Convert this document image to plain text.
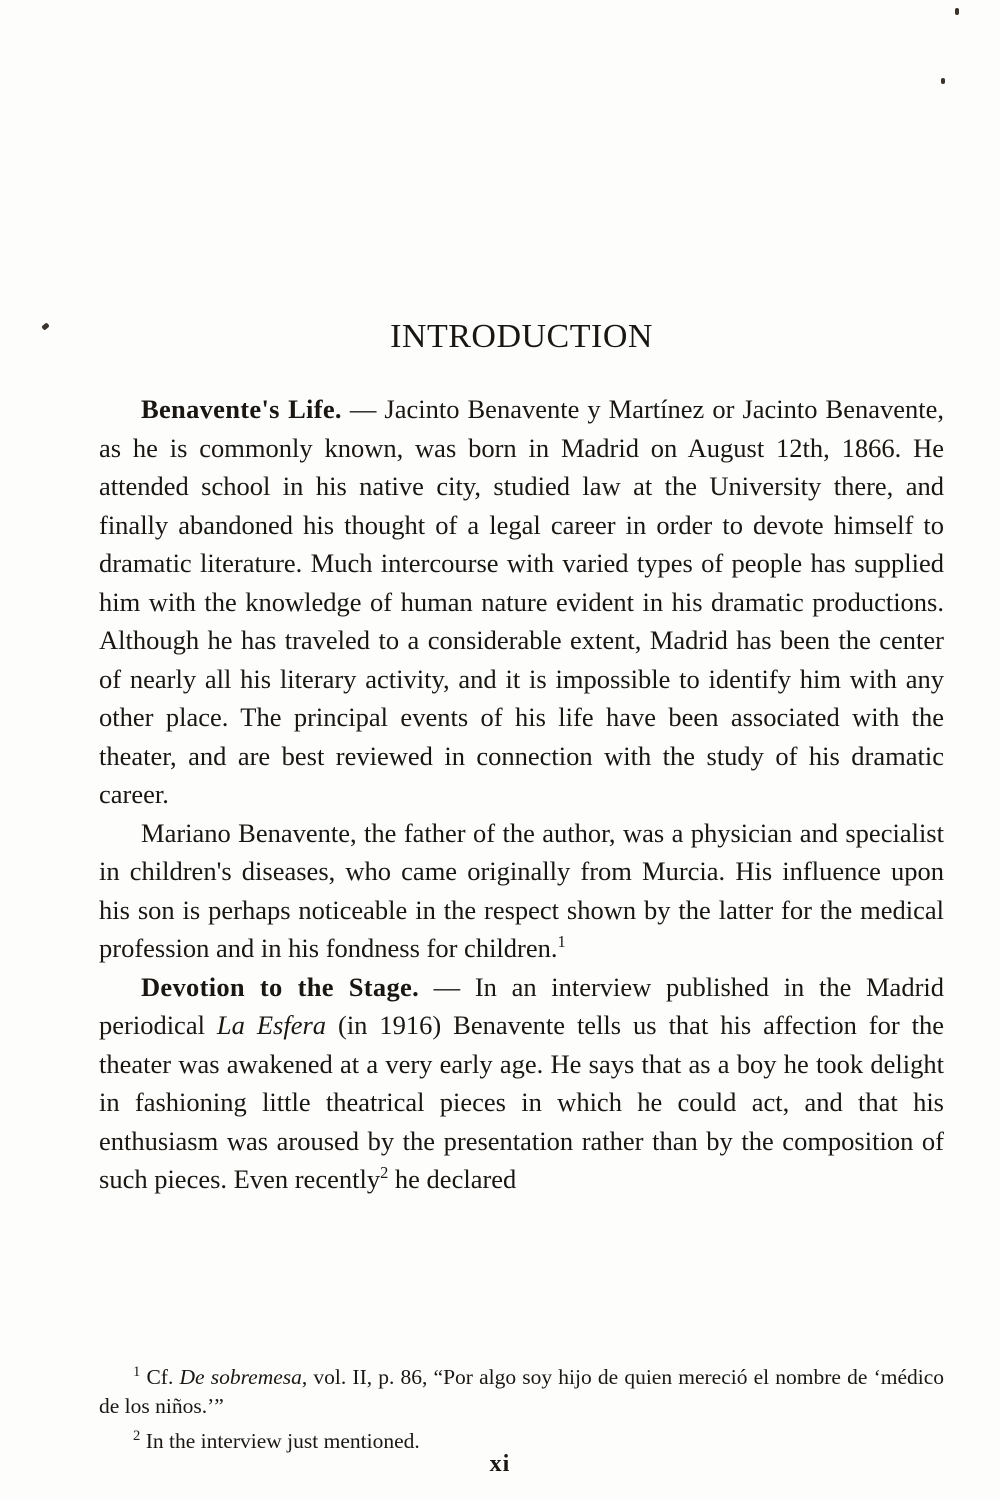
INTRODUCTION

Benavente's Life. — Jacinto Benavente y Martínez or Jacinto Benavente, as he is commonly known, was born in Madrid on August 12th, 1866. He attended school in his native city, studied law at the University there, and finally abandoned his thought of a legal career in order to devote himself to dramatic literature. Much intercourse with varied types of people has supplied him with the knowledge of human nature evident in his dramatic productions. Although he has traveled to a considerable extent, Madrid has been the center of nearly all his literary activity, and it is impossible to identify him with any other place. The principal events of his life have been associated with the theater, and are best reviewed in connection with the study of his dramatic career.

Mariano Benavente, the father of the author, was a physician and specialist in children's diseases, who came originally from Murcia. His influence upon his son is perhaps noticeable in the respect shown by the latter for the medical profession and in his fondness for children.$^1$

Devotion to the Stage. — In an interview published in the Madrid periodical La Esfera (in 1916) Benavente tells us that his affection for the theater was awakened at a very early age. He says that as a boy he took delight in fashioning little theatrical pieces in which he could act, and that his enthusiasm was aroused by the presentation rather than by the composition of such pieces. Even recently$^2$ he declared

$^1$ Cf. De sobremesa, vol. II, p. 86, “Por algo soy hijo de quien mereció el nombre de ‘médico de los niños.’”

$^2$ In the interview just mentioned.

xi
